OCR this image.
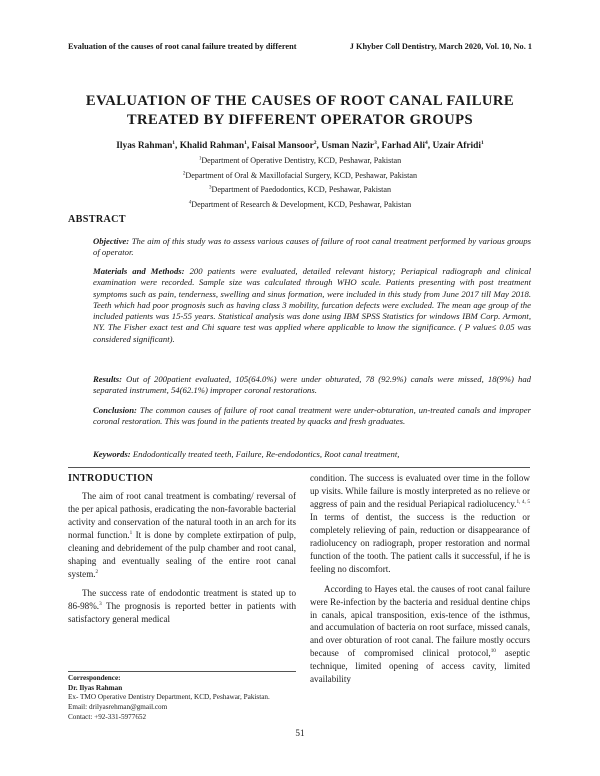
Evaluation of the causes of root canal failure treated by different	J Khyber Coll Dentistry, March 2020, Vol. 10, No. 1
EVALUATION OF THE CAUSES OF ROOT CANAL FAILURE
TREATED BY DIFFERENT OPERATOR GROUPS
Ilyas Rahman$^1$, Khalid Rahman$^1$, Faisal Mansoor$^2$, Usman Nazir$^3$, Farhad Ali$^4$, Uzair Afridi$^1$
$^1$Department of Operative Dentistry, KCD, Peshawar, Pakistan
$^2$Department of Oral & Maxillofacial Surgery, KCD, Peshawar, Pakistan
$^3$Department of Paedodontics, KCD, Peshawar, Pakistan
$^4$Department of Research & Development, KCD, Peshawar, Pakistan
ABSTRACT

Objective: The aim of this study was to assess various causes of failure of root canal treatment performed by various groups of operator.

Materials and Methods: 200 patients were evaluated, detailed relevant history; Periapical radiograph and clinical examination were recorded. Sample size was calculated through WHO scale. Patients presenting with post treatment symptoms such as pain, tenderness, swelling and sinus formation, were included in this study from June 2017 till May 2018. Teeth which had poor prognosis such as having class 3 mobility, furcation defects were excluded. The mean age group of the included patients was 15-55 years. Statistical analysis was done using IBM SPSS Statistics for windows IBM Corp. Armont, NY. The Fisher exact test and Chi square test was applied where applicable to know the significance. ( P value≤ 0.05 was considered significant).

Results: Out of 200patient evaluated, 105(64.0%) were under obturated, 78 (92.9%) canals were missed, 18(9%) had separated instrument, 54(62.1%) improper coronal restorations.

Conclusion: The common causes of failure of root canal treatment were under-obturation, un-treated canals and improper coronal restoration. This was found in the patients treated by quacks and fresh graduates.

Keywords: Endodontically treated teeth, Failure, Re-endodontics, Root canal treatment,

INTRODUCTION

The aim of root canal treatment is combating/ reversal of the per apical pathosis, eradicating the non-favorable bacterial activity and conservation of the natural tooth in an arch for its normal function.$^1$ It is done by complete extirpation of pulp, cleaning and debridement of the pulp chamber and root canal, shaping and eventually sealing of the entire root canal system.$^2$

The success rate of endodontic treatment is stated up to 86-98%.$^3$ The prognosis is reported better in patients with satisfactory general medical

condition. The success is evaluated over time in the follow up visits. While failure is mostly interpreted as no relieve or aggress of pain and the residual Periapical radiolucency.$^{1, 4, 5}$ In terms of dentist, the success is the reduction or completely relieving of pain, reduction or disappearance of radiolucency on radiograph, proper restoration and normal function of the tooth. The patient calls it successful, if he is feeling no discomfort.

According to Hayes etal. the causes of root canal failure were Re-infection by the bacteria and residual dentine chips in canals, apical transposition, exis-tence of the isthmus, and accumulation of bacteria on root surface, missed canals, and over obturation of root canal. The failure mostly occurs because of compromised clinical protocol,$^{10}$ aseptic technique, limited opening of access cavity, limited availability

Correspondence:
Dr. Ilyas Rahman
Ex- TMO Operative Dentistry Department, KCD, Peshawar, Pakistan.
Email: drilyasrehman@gmail.com
Contact: +92-331-5977652
51
